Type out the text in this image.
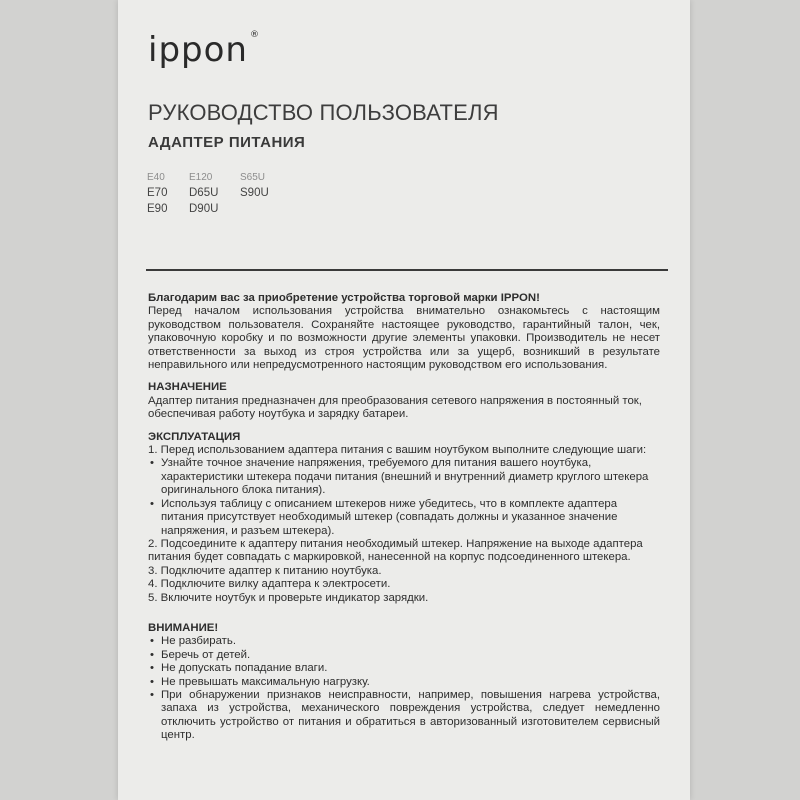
ippon ®
РУКОВОДСТВО ПОЛЬЗОВАТЕЛЯ
АДАПТЕР ПИТАНИЯ
E40	E120	S65U
E70	D65U	S90U
E90	D90U

Благодарим вас за приобретение устройства торговой марки IPPON!

Перед началом использования устройства внимательно ознакомьтесь с настоящим руководством пользователя. Сохраняйте настоящее руководство, гарантийный талон, чек, упаковочную коробку и по возможности другие элементы упаковки. Производитель не несет ответственности за выход из строя устройства или за ущерб, возникший в результате неправильного или непредусмотренного настоящим руководством его использования.

НАЗНАЧЕНИЕ

Адаптер питания предназначен для преобразования сетевого напряжения в постоянный ток, обеспечивая работу ноутбука и зарядку батареи.

ЭКСПЛУАТАЦИЯ

1. Перед использованием адаптера питания с вашим ноутбуком выполните следующие шаги:

• Узнайте точное значение напряжения, требуемого для питания вашего ноутбука, характеристики штекера подачи питания (внешний и внутренний диаметр круглого штекера оригинального блока питания).
• Используя таблицу с описанием штекеров ниже убедитесь, что в комплекте адаптера питания присутствует необходимый штекер (совпадать должны и указанное значение напряжения, и разъем штекера).

2. Подсоедините к адаптеру питания необходимый штекер. Напряжение на выходе адаптера питания будет совпадать с маркировкой, нанесенной на корпус подсоединенного штекера.

3. Подключите адаптер к питанию ноутбука.

4. Подключите вилку адаптера к электросети.

5. Включите ноутбук и проверьте индикатор зарядки.

ВНИМАНИЕ!

• Не разбирать.
• Беречь от детей.
• Не допускать попадание влаги.
• Не превышать максимальную нагрузку.
• При обнаружении признаков неисправности, например, повышения нагрева устройства, запаха из устройства, механического повреждения устройства, следует немедленно отключить устройство от питания и обратиться в авторизованный изготовителем сервисный центр.
